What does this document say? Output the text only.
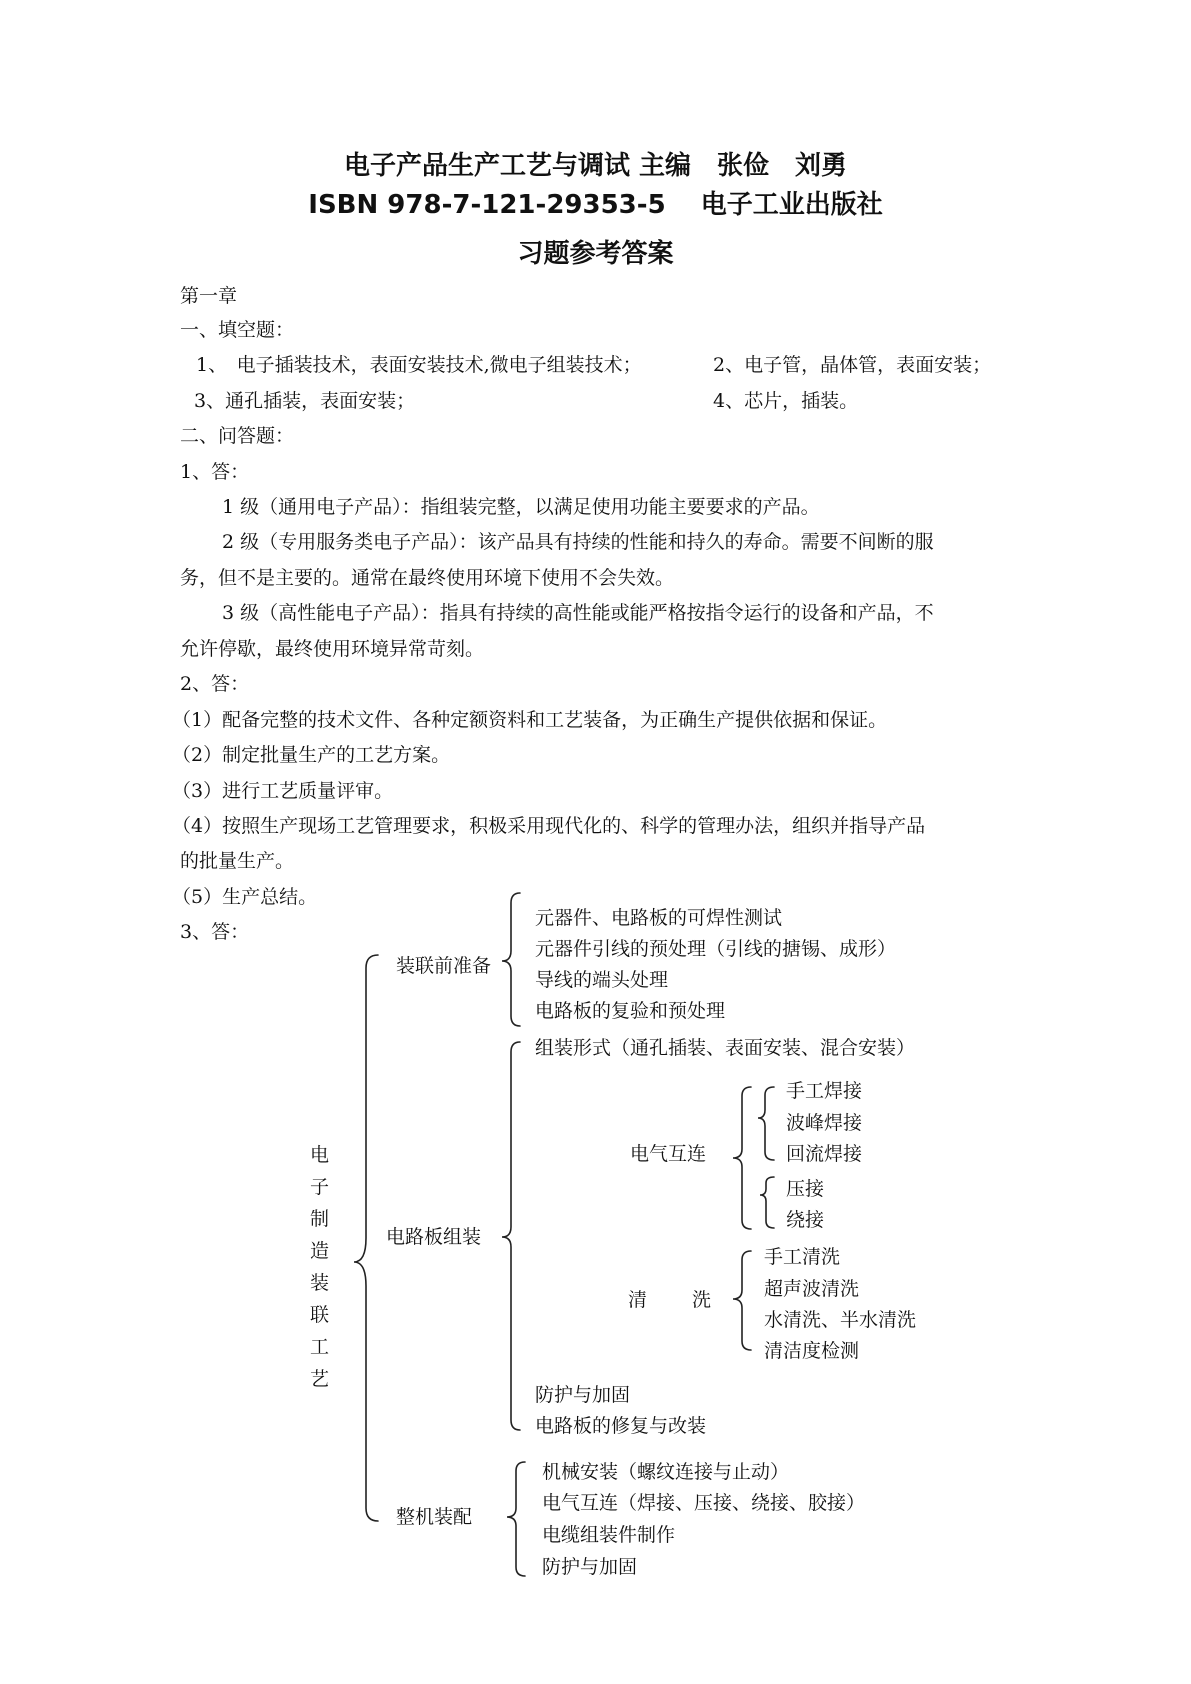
电子产品生产工艺与调试 主编　张俭　刘勇
ISBN 978-7-121-29353-5　 电子工业出版社
习题参考答案
第一章
一、填空题：
1、　电子插装技术，表面安装技术,微电子组装技术；	2、电子管，晶体管，表面安装；
3、通孔插装，表面安装；	4、芯片，插装。
二、问答题：
1、答：
1 级（通用电子产品）：指组装完整，以满足使用功能主要要求的产品。
2 级（专用服务类电子产品）：该产品具有持续的性能和持久的寿命。需要不间断的服
务，但不是主要的。通常在最终使用环境下使用不会失效。
3 级（高性能电子产品）：指具有持续的高性能或能严格按指令运行的设备和产品，不
允许停歇，最终使用环境异常苛刻。
2、答：
（1）配备完整的技术文件、各种定额资料和工艺装备，为正确生产提供依据和保证。
（2）制定批量生产的工艺方案。
（3）进行工艺质量评审。
（4）按照生产现场工艺管理要求，积极采用现代化的、科学的管理办法，组织并指导产品
的批量生产。
（5）生产总结。
3、答：
电
子
制
造
装
联
工
艺
装联前准备
元器件、电路板的可焊性测试
元器件引线的预处理（引线的搪锡、成形）
导线的端头处理
电路板的复验和预处理
电路板组装
组装形式（通孔插装、表面安装、混合安装）
电气互连
手工焊接
波峰焊接
回流焊接
压接
绕接
清 洗
手工清洗
超声波清洗
水清洗、半水清洗
清洁度检测
防护与加固
电路板的修复与改装
整机装配
机械安装（螺纹连接与止动）
电气互连（焊接、压接、绕接、胶接）
电缆组装件制作
防护与加固
